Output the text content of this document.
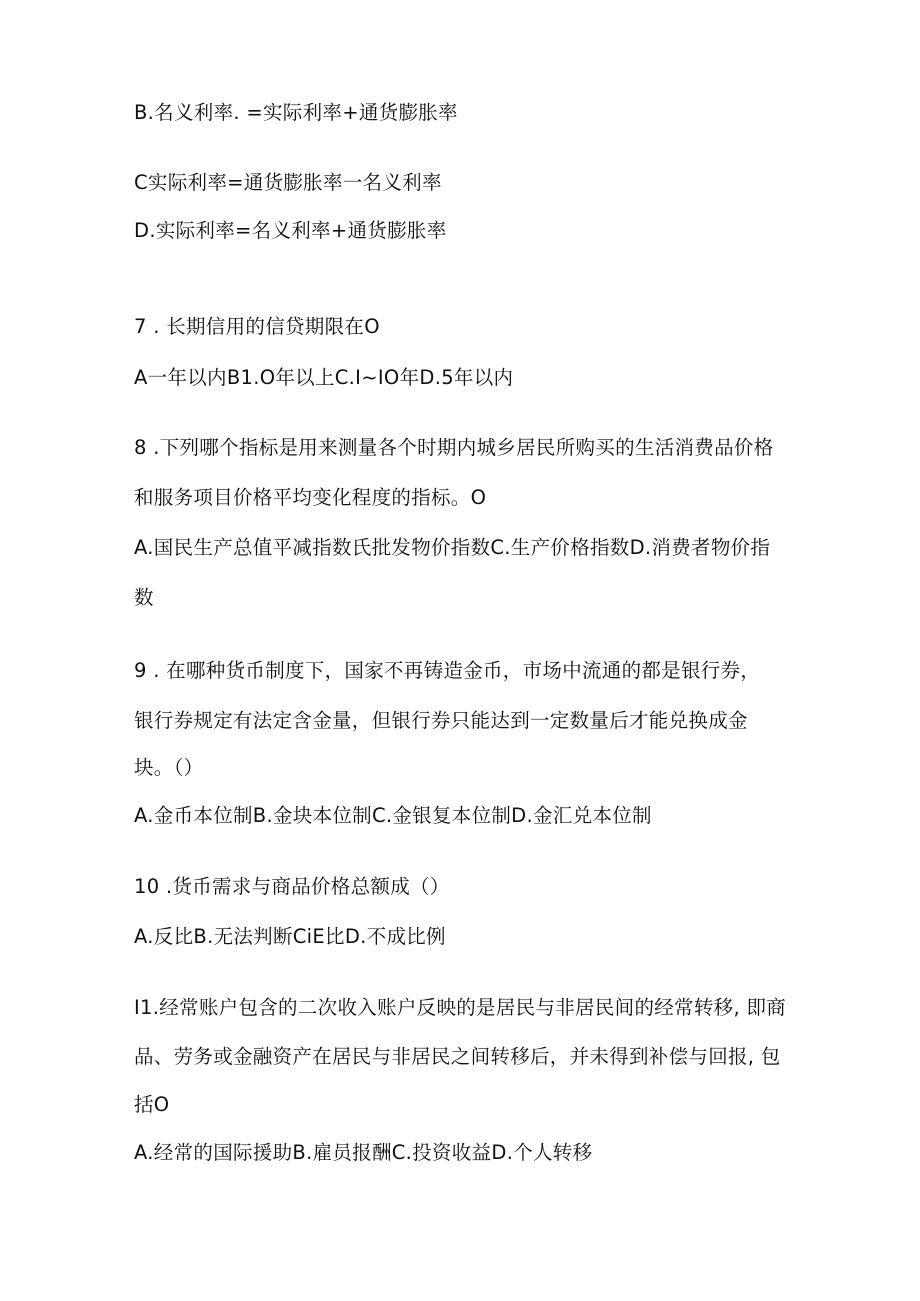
B.名义利率. =实际利率+通货膨胀率
C实际利率=通货膨胀率一名义利率
D.实际利率=名义利率+通货膨胀率
7 . 长期信用的信贷期限在O
A一年以内B1.O年以上C.I~IO年D.5年以内
8 .下列哪个指标是用来测量各个时期内城乡居民所购买的生活消费品价格
和服务项目价格平均变化程度的指标。O
A.国民生产总值平减指数氏批发物价指数C.生产价格指数D.消费者物价指
数
9 . 在哪种货币制度下，国家不再铸造金币，市场中流通的都是银行券，
银行券规定有法定含金量，但银行券只能达到一定数量后才能兑换成金
块。（）
A.金币本位制B.金块本位制C.金银复本位制D.金汇兑本位制
10 .货币需求与商品价格总额成（）
A.反比B.无法判断CiE比D.不成比例
I1.经常账户包含的二次收入账户反映的是居民与非居民间的经常转移, 即商
品、劳务或金融资产在居民与非居民之间转移后，并未得到补偿与回报, 包
括O
A.经常的国际援助B.雇员报酬C.投资收益D.个人转移
